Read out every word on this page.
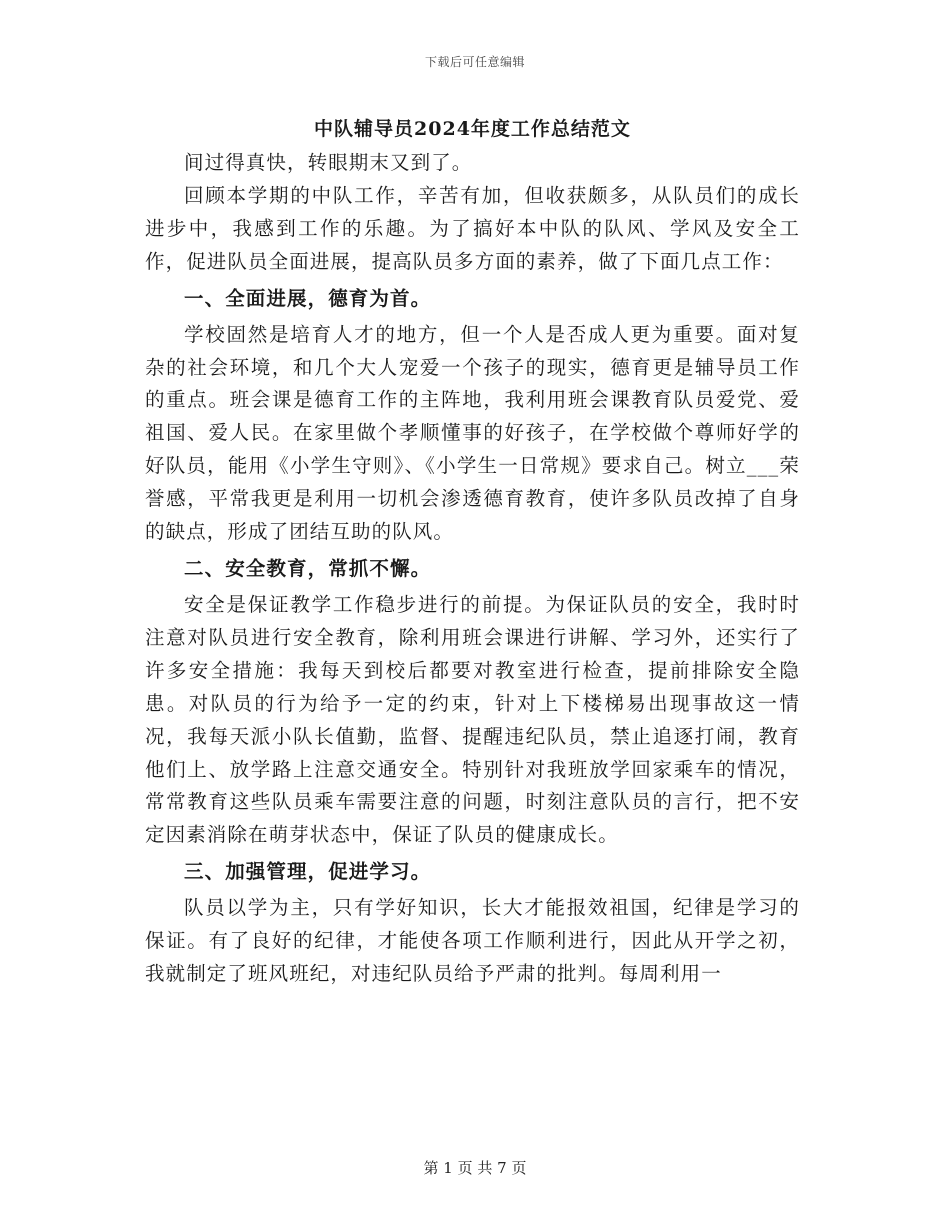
下载后可任意编辑
中队辅导员2024年度工作总结范文

间过得真快，转眼期末又到了。

回顾本学期的中队工作，辛苦有加，但收获颇多，从队员们的成长进步中，我感到工作的乐趣。为了搞好本中队的队风、学风及安全工作，促进队员全面进展，提高队员多方面的素养，做了下面几点工作：

一、全面进展，德育为首。

学校固然是培育人才的地方，但一个人是否成人更为重要。面对复杂的社会环境，和几个大人宠爱一个孩子的现实，德育更是辅导员工作的重点。班会课是德育工作的主阵地，我利用班会课教育队员爱党、爱祖国、爱人民。在家里做个孝顺懂事的好孩子，在学校做个尊师好学的好队员，能用《小学生守则》、《小学生一日常规》要求自己。树立___荣誉感，平常我更是利用一切机会渗透德育教育，使许多队员改掉了自身的缺点，形成了团结互助的队风。

二、安全教育，常抓不懈。

安全是保证教学工作稳步进行的前提。为保证队员的安全，我时时注意对队员进行安全教育，除利用班会课进行讲解、学习外，还实行了许多安全措施：我每天到校后都要对教室进行检查，提前排除安全隐患。对队员的行为给予一定的约束，针对上下楼梯易出现事故这一情况，我每天派小队长值勤，监督、提醒违纪队员，禁止追逐打闹，教育他们上、放学路上注意交通安全。特别针对我班放学回家乘车的情况，常常教育这些队员乘车需要注意的问题，时刻注意队员的言行，把不安定因素消除在萌芽状态中，保证了队员的健康成长。

三、加强管理，促进学习。

队员以学为主，只有学好知识，长大才能报效祖国，纪律是学习的保证。有了良好的纪律，才能使各项工作顺利进行，因此从开学之初，我就制定了班风班纪，对违纪队员给予严肃的批判。每周利用一

第 1 页 共 7 页
